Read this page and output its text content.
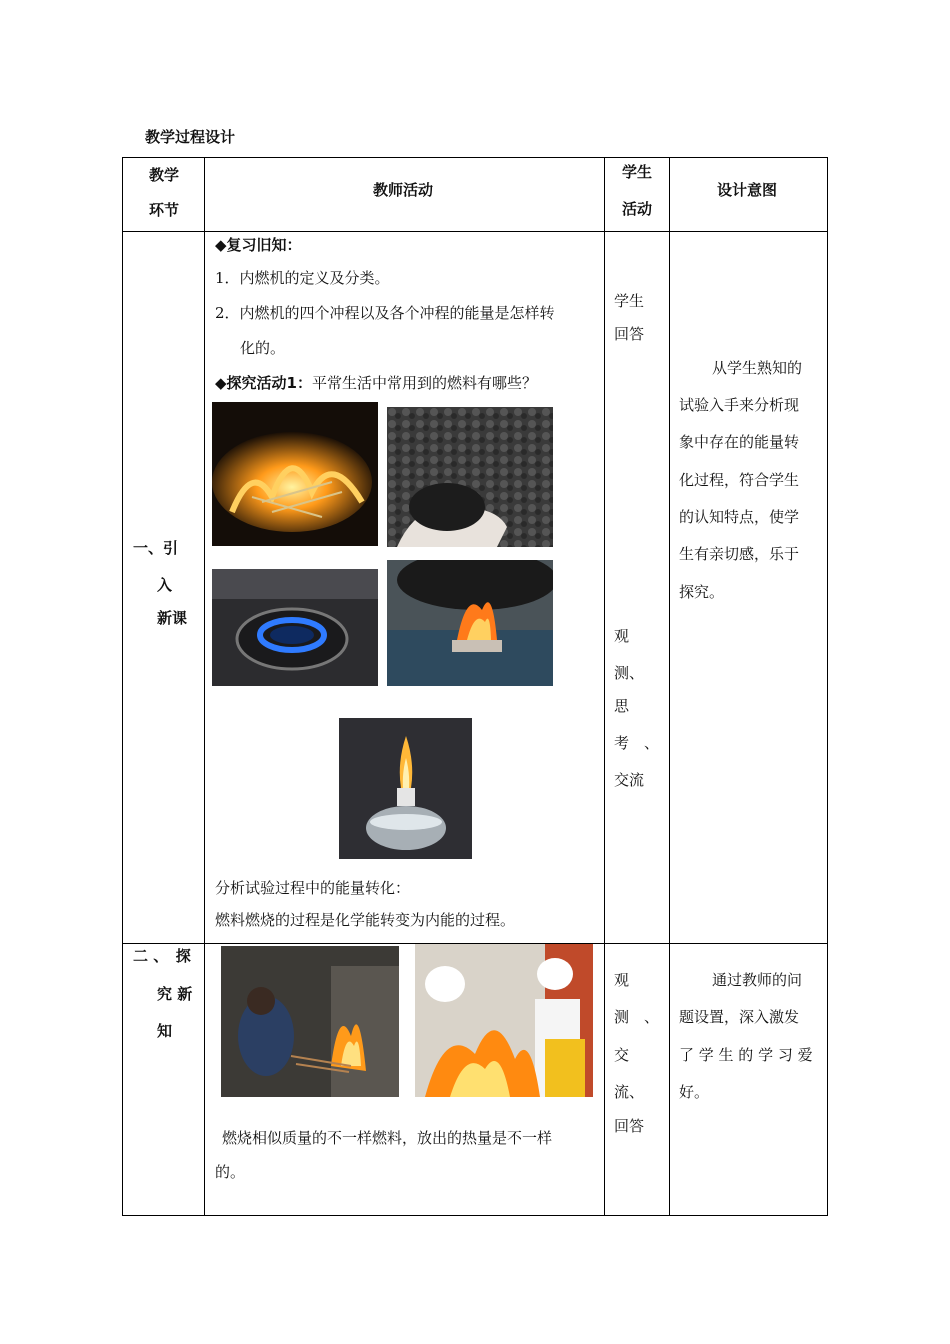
教学过程设计
教学
环节
教师活动
学生
活动
设计意图
一、引
入
新课
◆复习旧知：
1．内燃机的定义及分类。
2．内燃机的四个冲程以及各个冲程的能量是怎样转
化的。
◆探究活动1：平常生活中常用到的燃料有哪些？
分析试验过程中的能量转化：
燃料燃烧的过程是化学能转变为内能的过程。
学生
回答
观
测、
思
考　、
交流
从学生熟知的
试验入手来分析现
象中存在的能量转
化过程，符合学生
的认知特点，使学
生有亲切感，乐于
探究。
二 、　探
究 新
知
燃烧相似质量的不一样燃料，放出的热量是不一样
的。
观
测　、
交
流、
回答
通过教师的问
题设置，深入激发
了 学 生 的 学 习 爱
好。
